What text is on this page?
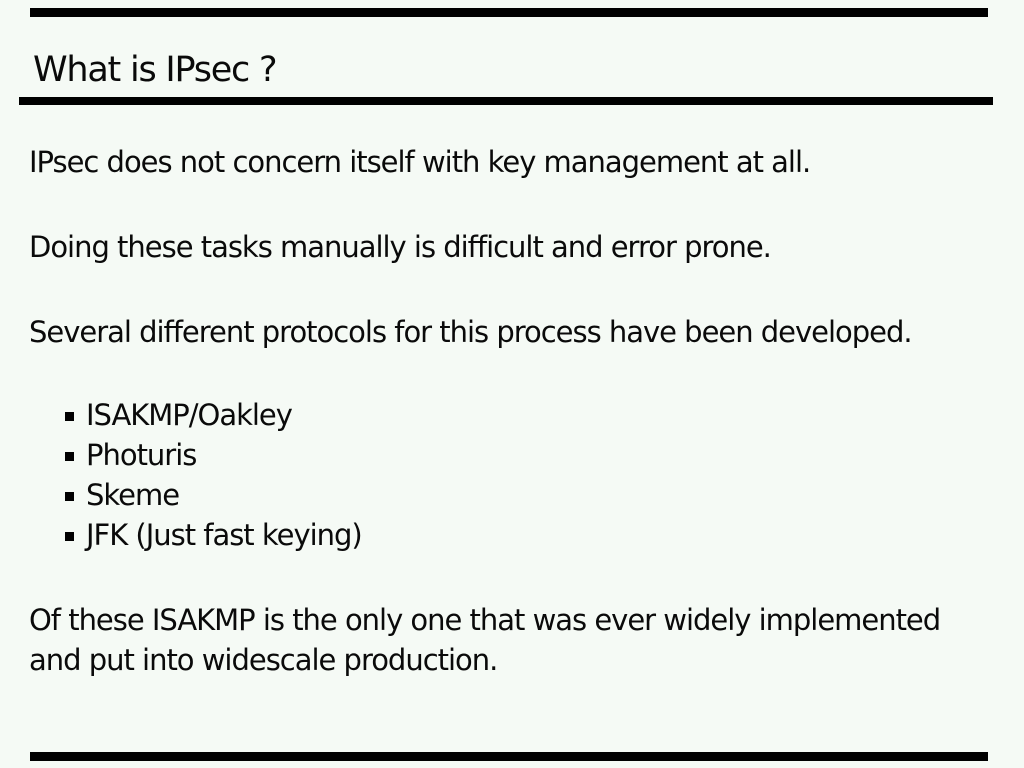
What is IPsec ?

IPsec does not concern itself with key management at all.

Doing these tasks manually is difficult and error prone.

Several different protocols for this process have been developed.

ISAKMP/Oakley
Photuris
Skeme
JFK (Just fast keying)

Of these ISAKMP is the only one that was ever widely implemented

and put into widescale production.
